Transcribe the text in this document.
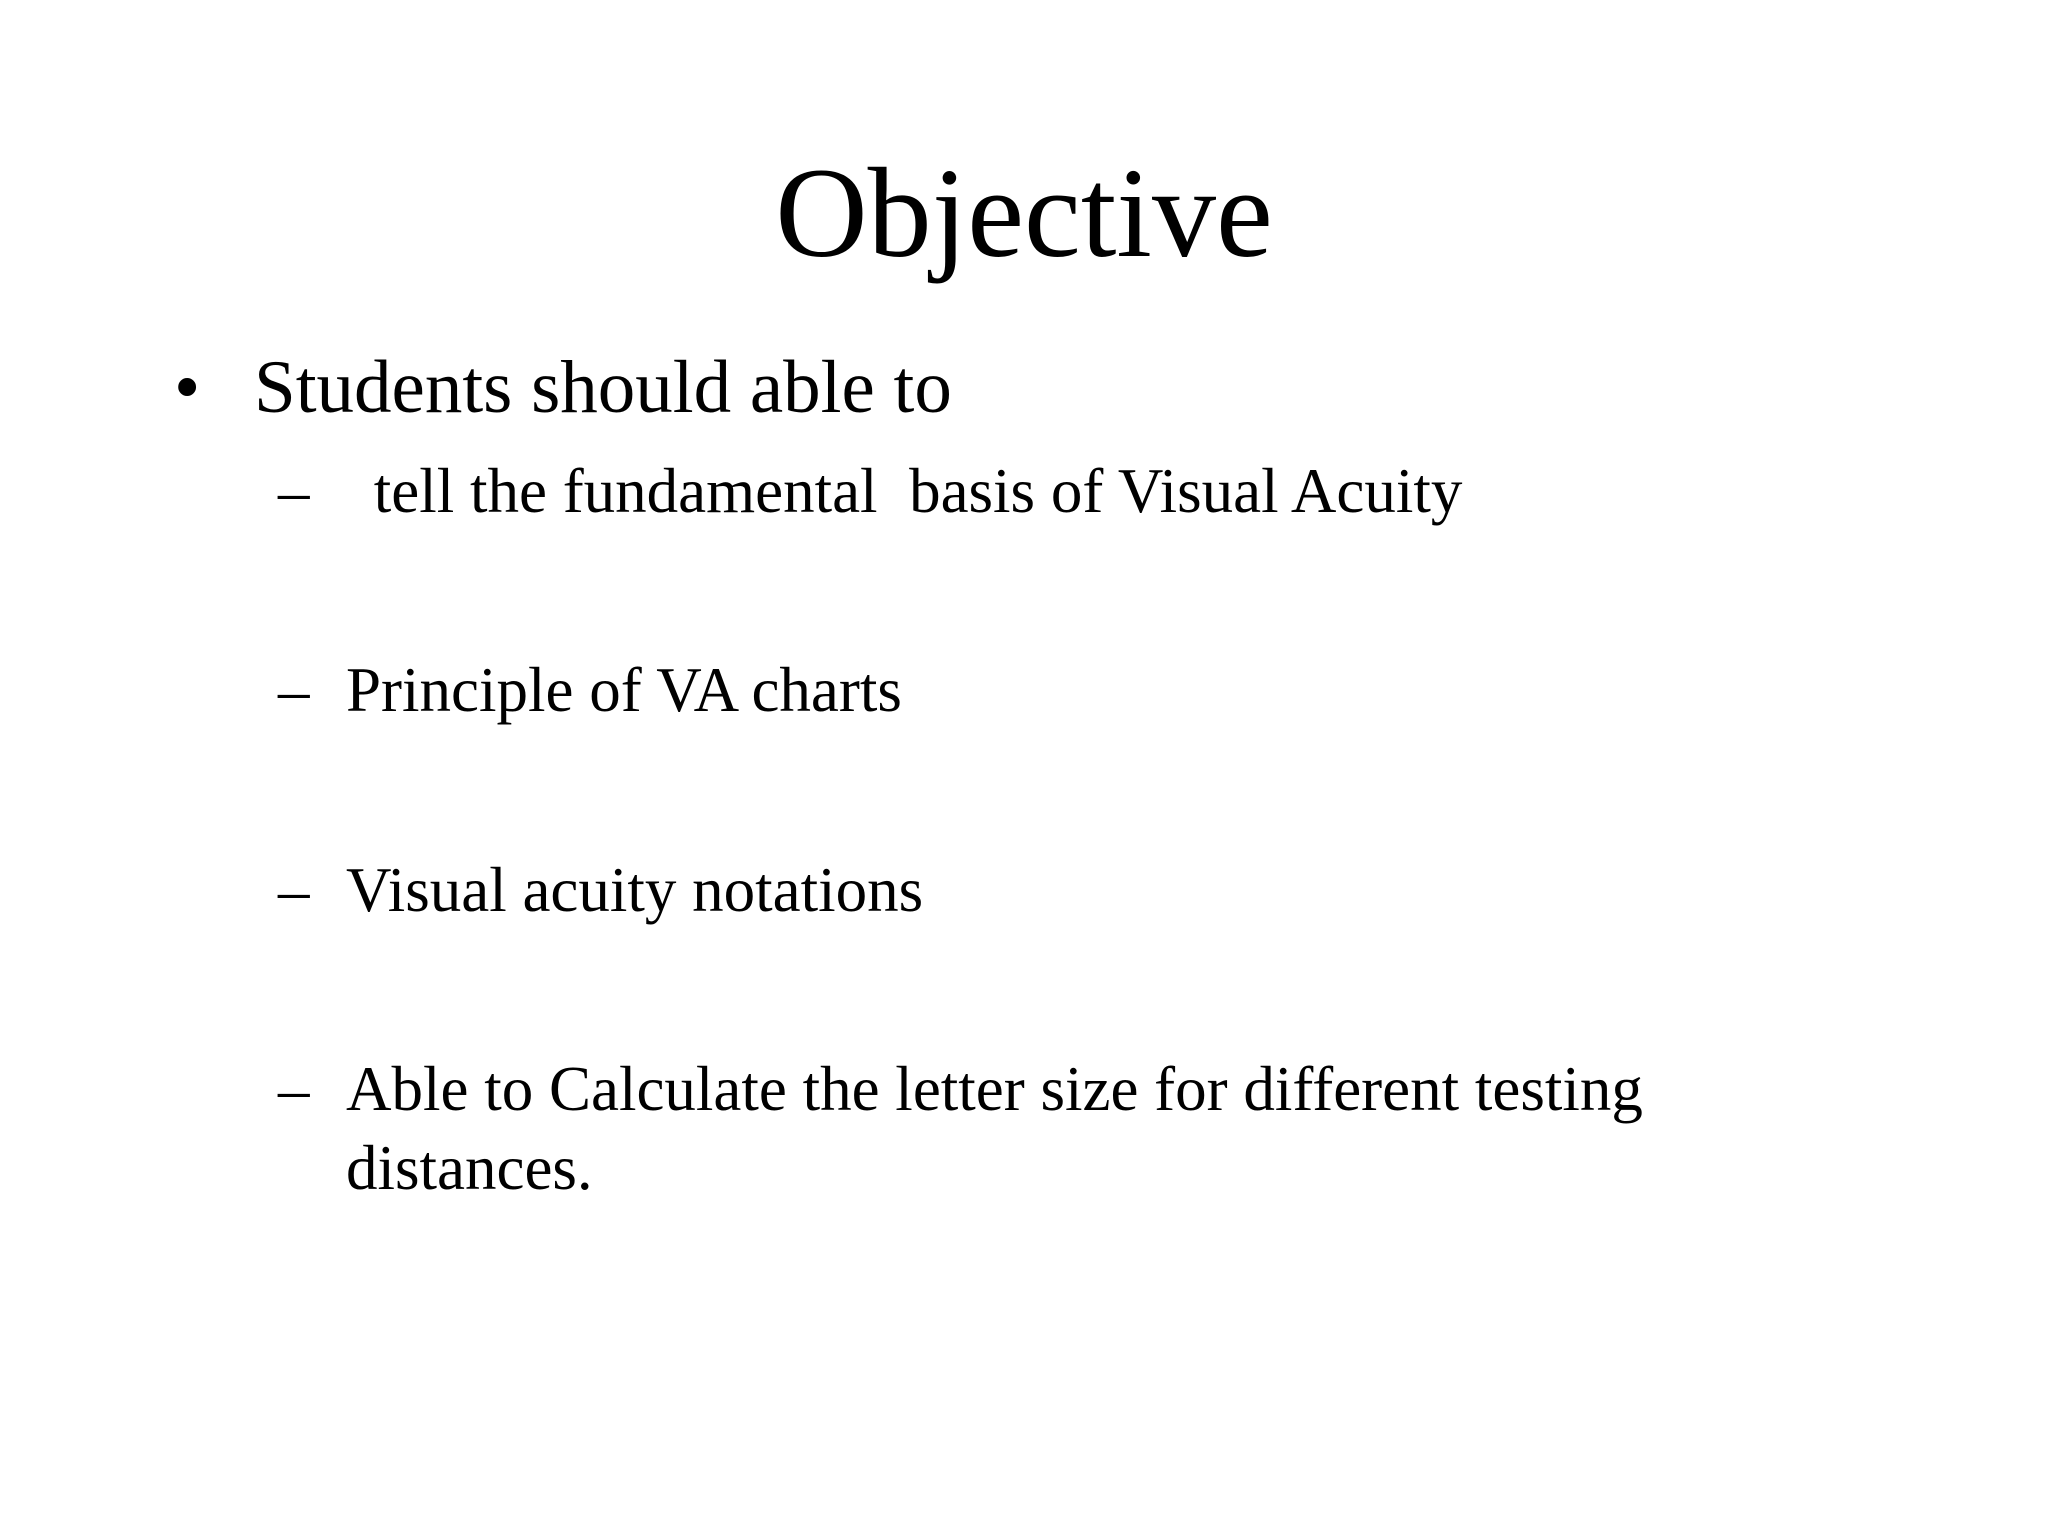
Objective
• Students should able to
– tell the fundamental  basis of Visual Acuity
– Principle of VA charts
– Visual acuity notations
– Able to Calculate the letter size for different testing distances.
